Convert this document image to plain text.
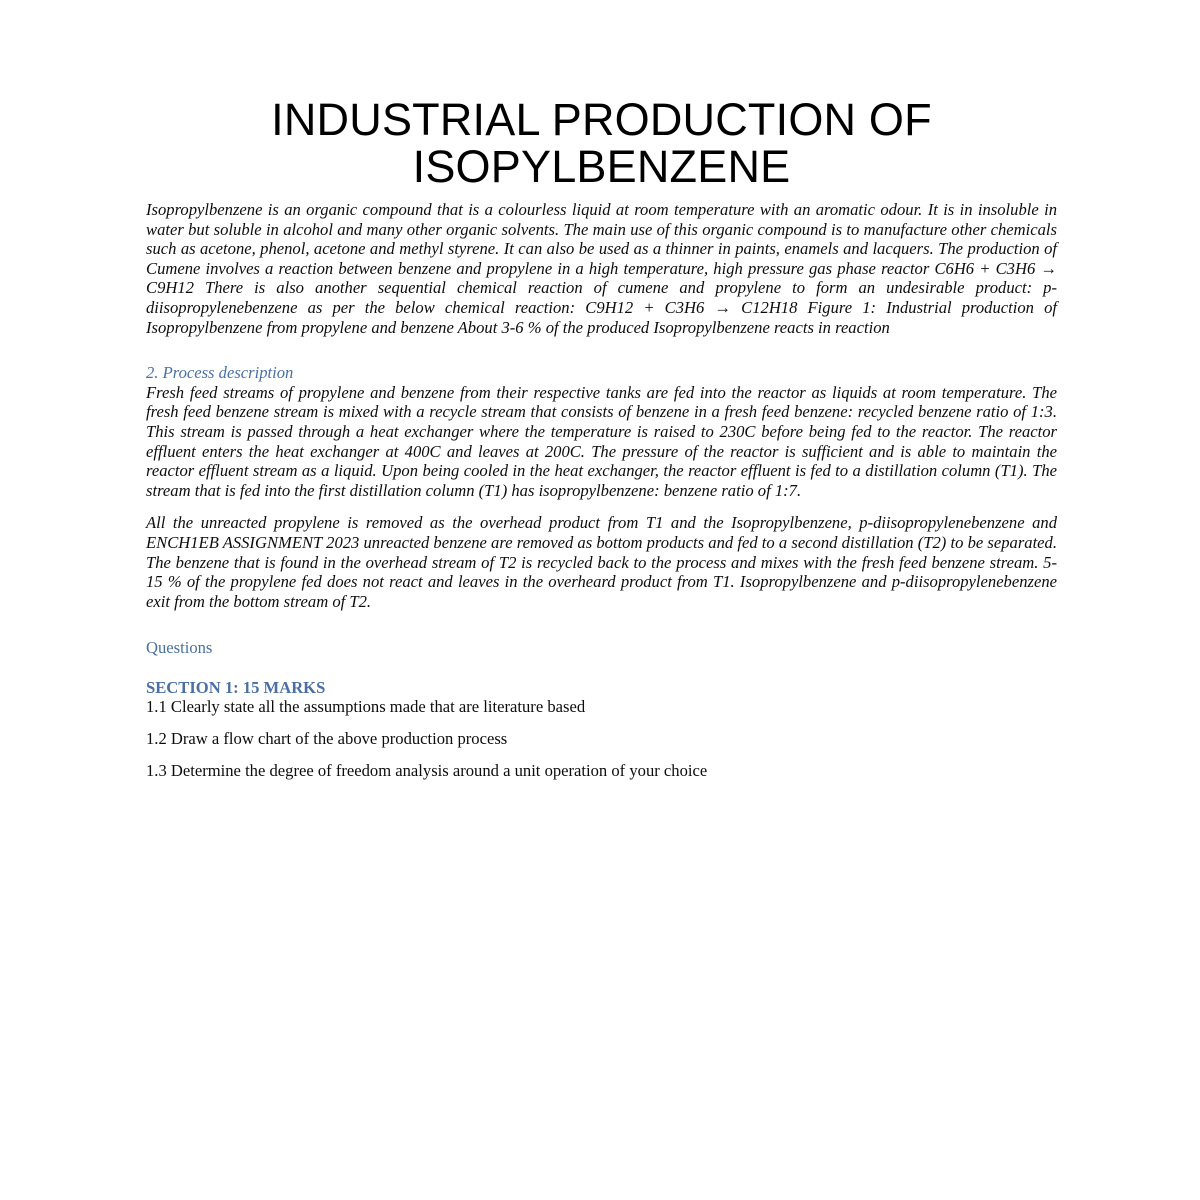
INDUSTRIAL PRODUCTION OF
ISOPYLBENZENE

Isopropylbenzene is an organic compound that is a colourless liquid at room temperature with an aromatic odour. It is in insoluble in water but soluble in alcohol and many other organic solvents. The main use of this organic compound is to manufacture other chemicals such as acetone, phenol, acetone and methyl styrene. It can also be used as a thinner in paints, enamels and lacquers. The production of Cumene involves a reaction between benzene and propylene in a high temperature, high pressure gas phase reactor C6H6 + C3H6 → C9H12 There is also another sequential chemical reaction of cumene and propylene to form an undesirable product: p-diisopropylenebenzene as per the below chemical reaction: C9H12 + C3H6 → C12H18 Figure 1: Industrial production of Isopropylbenzene from propylene and benzene About 3-6 % of the produced Isopropylbenzene reacts in reaction

2. Process description

Fresh feed streams of propylene and benzene from their respective tanks are fed into the reactor as liquids at room temperature. The fresh feed benzene stream is mixed with a recycle stream that consists of benzene in a fresh feed benzene: recycled benzene ratio of 1:3. This stream is passed through a heat exchanger where the temperature is raised to 230C before being fed to the reactor. The reactor effluent enters the heat exchanger at 400C and leaves at 200C. The pressure of the reactor is sufficient and is able to maintain the reactor effluent stream as a liquid. Upon being cooled in the heat exchanger, the reactor effluent is fed to a distillation column (T1). The stream that is fed into the first distillation column (T1) has isopropylbenzene: benzene ratio of 1:7.

All the unreacted propylene is removed as the overhead product from T1 and the Isopropylbenzene, p-diisopropylenebenzene and ENCH1EB ASSIGNMENT 2023 unreacted benzene are removed as bottom products and fed to a second distillation (T2) to be separated. The benzene that is found in the overhead stream of T2 is recycled back to the process and mixes with the fresh feed benzene stream. 5-15 % of the propylene fed does not react and leaves in the overheard product from T1. Isopropylbenzene and p-diisopropylenebenzene exit from the bottom stream of T2.

Questions

SECTION 1: 15 MARKS

1.1 Clearly state all the assumptions made that are literature based
1.2 Draw a flow chart of the above production process
1.3 Determine the degree of freedom analysis around a unit operation of your choice
